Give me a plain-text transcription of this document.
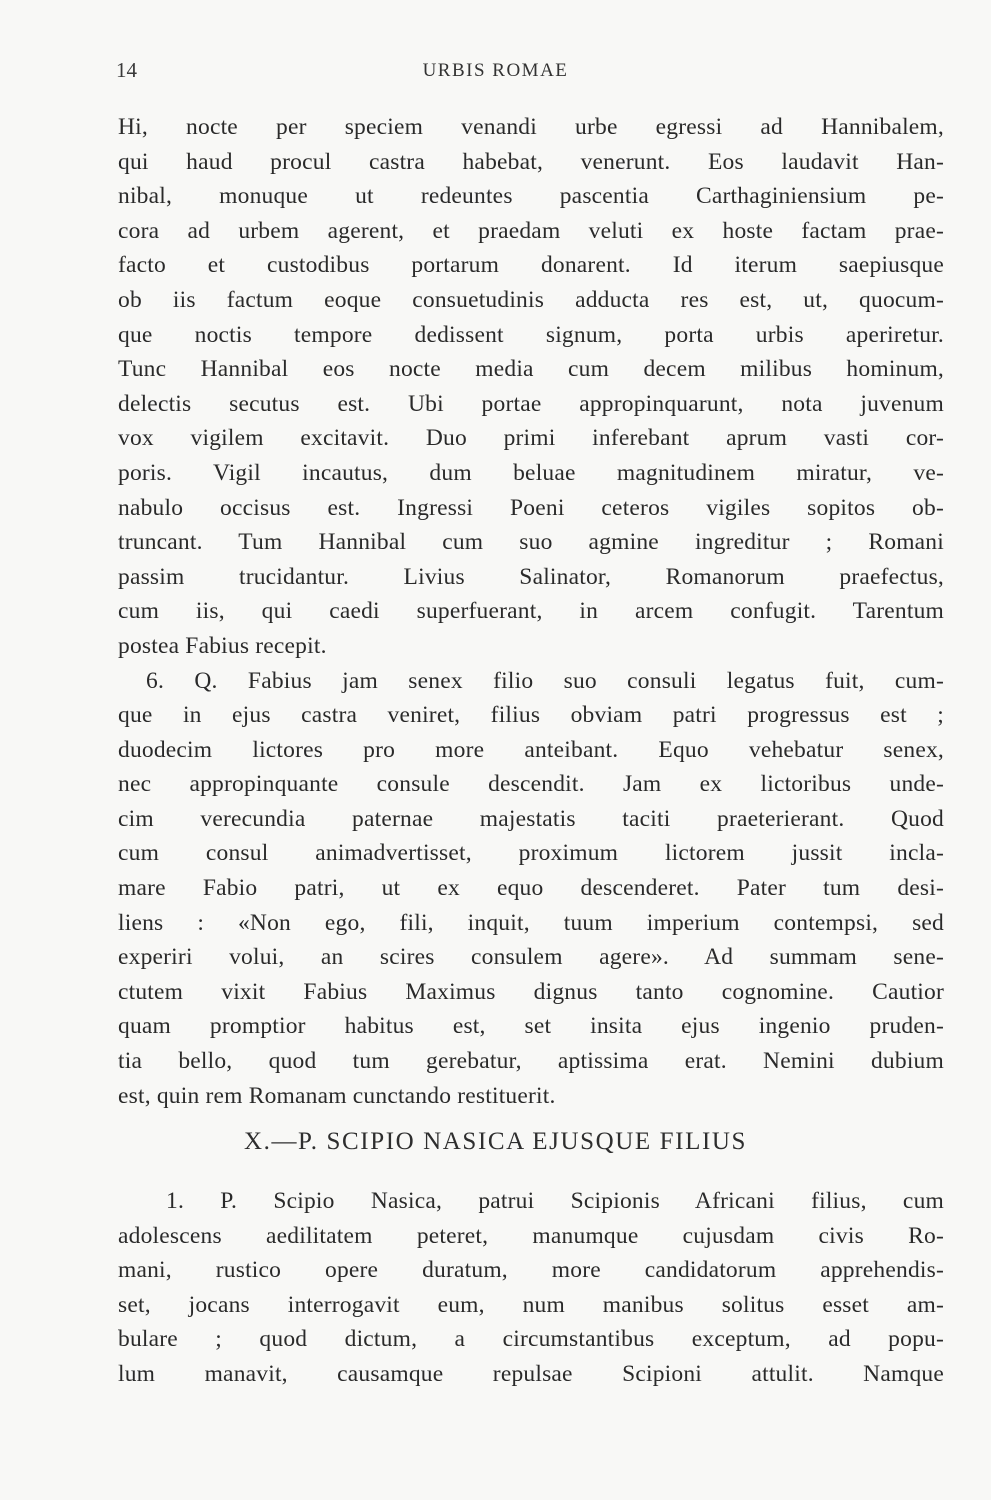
14	URBIS ROMAE
Hi, nocte per speciem venandi urbe egressi ad Hannibalem,
qui haud procul castra habebat, venerunt. Eos laudavit Han-
nibal, monuque ut redeuntes pascentia Carthaginiensium pe-
cora ad urbem agerent, et praedam veluti ex hoste factam prae-
facto et custodibus portarum donarent. Id iterum saepiusque
ob iis factum eoque consuetudinis adducta res est, ut, quocum-
que noctis tempore dedissent signum, porta urbis aperiretur.
Tunc Hannibal eos nocte media cum decem milibus hominum,
delectis secutus est. Ubi portae appropinquarunt, nota juvenum
vox vigilem excitavit. Duo primi inferebant aprum vasti cor-
poris. Vigil incautus, dum beluae magnitudinem miratur, ve-
nabulo occisus est. Ingressi Poeni ceteros vigiles sopitos ob-
truncant. Tum Hannibal cum suo agmine ingreditur ; Romani
passim trucidantur. Livius Salinator, Romanorum praefectus,
cum iis, qui caedi superfuerant, in arcem confugit. Tarentum
postea Fabius recepit.
6. Q. Fabius jam senex filio suo consuli legatus fuit, cum-
que in ejus castra veniret, filius obviam patri progressus est ;
duodecim lictores pro more anteibant. Equo vehebatur senex,
nec appropinquante consule descendit. Jam ex lictoribus unde-
cim verecundia paternae majestatis taciti praeterierant. Quod
cum consul animadvertisset, proximum lictorem jussit incla-
mare Fabio patri, ut ex equo descenderet. Pater tum desi-
liens : «Non ego, fili, inquit, tuum imperium contempsi, sed
experiri volui, an scires consulem agere». Ad summam sene-
ctutem vixit Fabius Maximus dignus tanto cognomine. Cautior
quam promptior habitus est, set insita ejus ingenio pruden-
tia bello, quod tum gerebatur, aptissima erat. Nemini dubium
est, quin rem Romanam cunctando restituerit.
X.—P. SCIPIO NASICA EJUSQUE FILIUS
1. P. Scipio Nasica, patrui Scipionis Africani filius, cum
adolescens aedilitatem peteret, manumque cujusdam civis Ro-
mani, rustico opere duratum, more candidatorum apprehendis-
set, jocans interrogavit eum, num manibus solitus esset am-
bulare ; quod dictum, a circumstantibus exceptum, ad popu-
lum manavit, causamque repulsae Scipioni attulit. Namque
